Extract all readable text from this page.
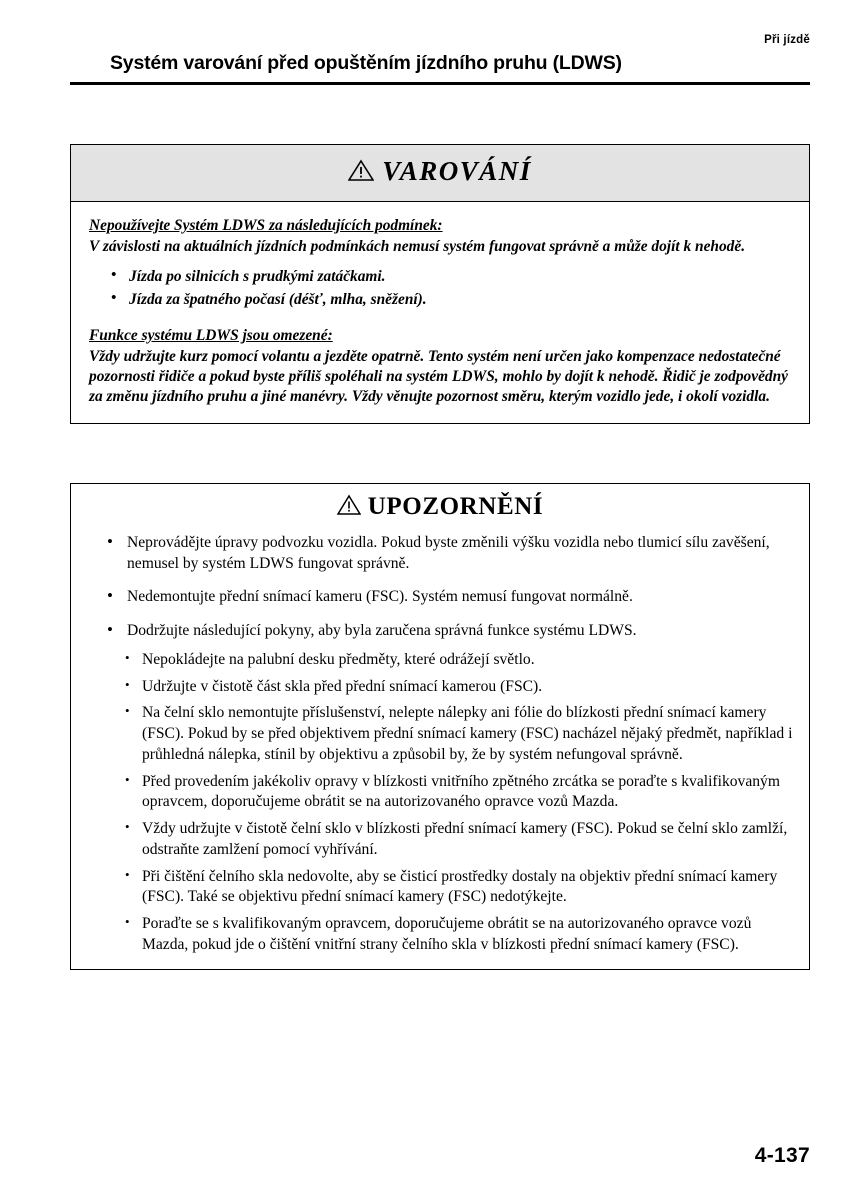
Při jízdě
Systém varování před opuštěním jízdního pruhu (LDWS)
VAROVÁNÍ
Nepoužívejte Systém LDWS za následujících podmínek:
V závislosti na aktuálních jízdních podmínkách nemusí systém fungovat správně a může dojít k nehodě.
• Jízda po silnicích s prudkými zatáčkami.
• Jízda za špatného počasí (déšť, mlha, sněžení).
Funkce systému LDWS jsou omezené:
Vždy udržujte kurz pomocí volantu a jezděte opatrně. Tento systém není určen jako kompenzace nedostatečné pozornosti řidiče a pokud byste příliš spoléhali na systém LDWS, mohlo by dojít k nehodě. Řidič je zodpovědný za změnu jízdního pruhu a jiné manévry. Vždy věnujte pozornost směru, kterým vozidlo jede, i okolí vozidla.
UPOZORNĚNÍ
• Neprovádějte úpravy podvozku vozidla. Pokud byste změnili výšku vozidla nebo tlumicí sílu zavěšení, nemusel by systém LDWS fungovat správně.
• Nedemontujte přední snímací kameru (FSC). Systém nemusí fungovat normálně.
• Dodržujte následující pokyny, aby byla zaručena správná funkce systému LDWS.
• Nepokládejte na palubní desku předměty, které odrážejí světlo.
• Udržujte v čistotě část skla před přední snímací kamerou (FSC).
• Na čelní sklo nemontujte příslušenství, nelepte nálepky ani fólie do blízkosti přední snímací kamery (FSC). Pokud by se před objektivem přední snímací kamery (FSC) nacházel nějaký předmět, například i průhledná nálepka, stínil by objektivu a způsobil by, že by systém nefungoval správně.
• Před provedením jakékoliv opravy v blízkosti vnitřního zpětného zrcátka se poraďte s kvalifikovaným opravcem, doporučujeme obrátit se na autorizovaného opravce vozů Mazda.
• Vždy udržujte v čistotě čelní sklo v blízkosti přední snímací kamery (FSC). Pokud se čelní sklo zamlží, odstraňte zamlžení pomocí vyhřívání.
• Při čištění čelního skla nedovolte, aby se čisticí prostředky dostaly na objektiv přední snímací kamery (FSC). Také se objektivu přední snímací kamery (FSC) nedotýkejte.
• Poraďte se s kvalifikovaným opravcem, doporučujeme obrátit se na autorizovaného opravce vozů Mazda, pokud jde o čištění vnitřní strany čelního skla v blízkosti přední snímací kamery (FSC).
4-137
